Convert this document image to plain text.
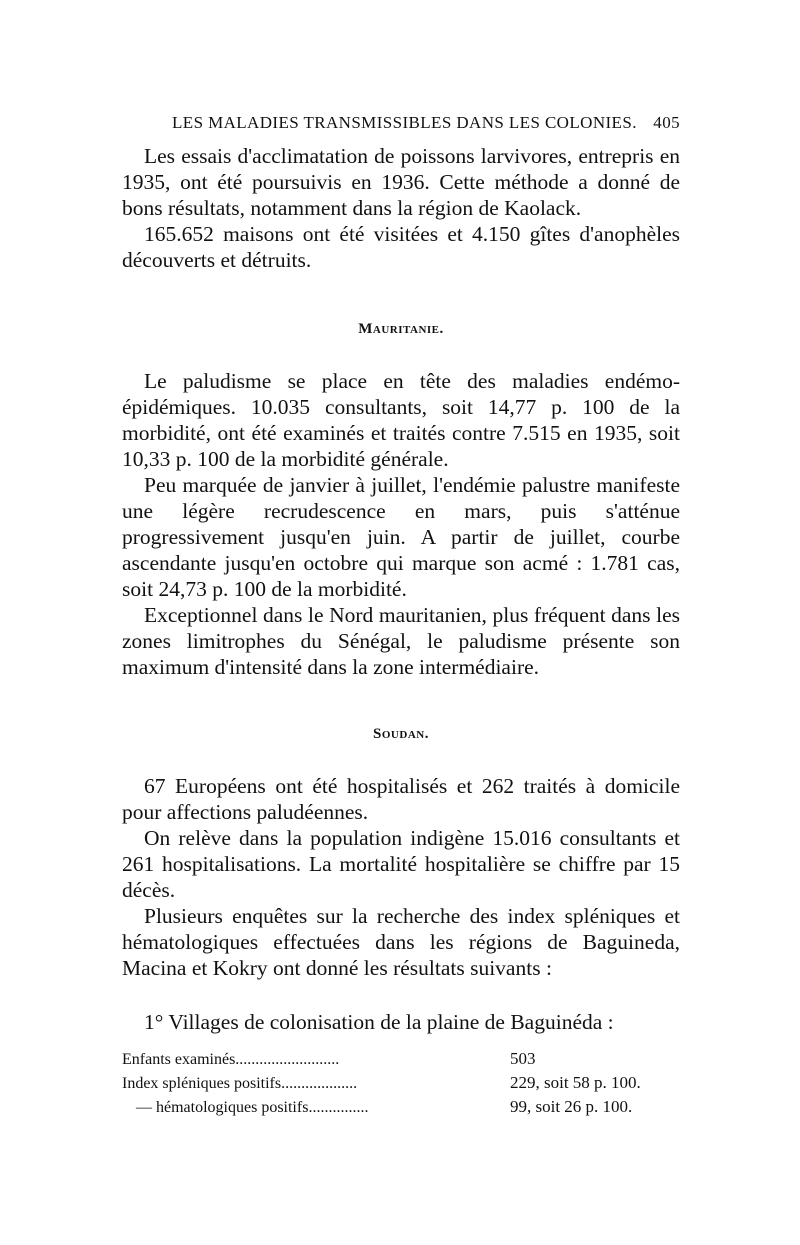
LES MALADIES TRANSMISSIBLES DANS LES COLONIES. 405

Les essais d'acclimatation de poissons larvivores, entrepris en 1935, ont été poursuivis en 1936. Cette méthode a donné de bons résultats, notamment dans la région de Kaolack.

165.652 maisons ont été visitées et 4.150 gîtes d'anophèles découverts et détruits.

Mauritanie.

Le paludisme se place en tête des maladies endémo-épidémiques. 10.035 consultants, soit 14,77 p. 100 de la morbidité, ont été examinés et traités contre 7.515 en 1935, soit 10,33 p. 100 de la morbidité générale.

Peu marquée de janvier à juillet, l'endémie palustre manifeste une légère recrudescence en mars, puis s'atténue progressivement jusqu'en juin. A partir de juillet, courbe ascendante jusqu'en octobre qui marque son acmé : 1.781 cas, soit 24,73 p. 100 de la morbidité.

Exceptionnel dans le Nord mauritanien, plus fréquent dans les zones limitrophes du Sénégal, le paludisme présente son maximum d'intensité dans la zone intermédiaire.

Soudan.

67 Européens ont été hospitalisés et 262 traités à domicile pour affections paludéennes.

On relève dans la population indigène 15.016 consultants et 261 hospitalisations. La mortalité hospitalière se chiffre par 15 décès.

Plusieurs enquêtes sur la recherche des index spléniques et hématologiques effectuées dans les régions de Baguineda, Macina et Kokry ont donné les résultats suivants :

1° Villages de colonisation de la plaine de Baguinéda :

Enfants examinés..........................	503
Index spléniques positifs...................	229, soit 58 p. 100.
— hématologiques positifs...............	99, soit 26 p. 100.
